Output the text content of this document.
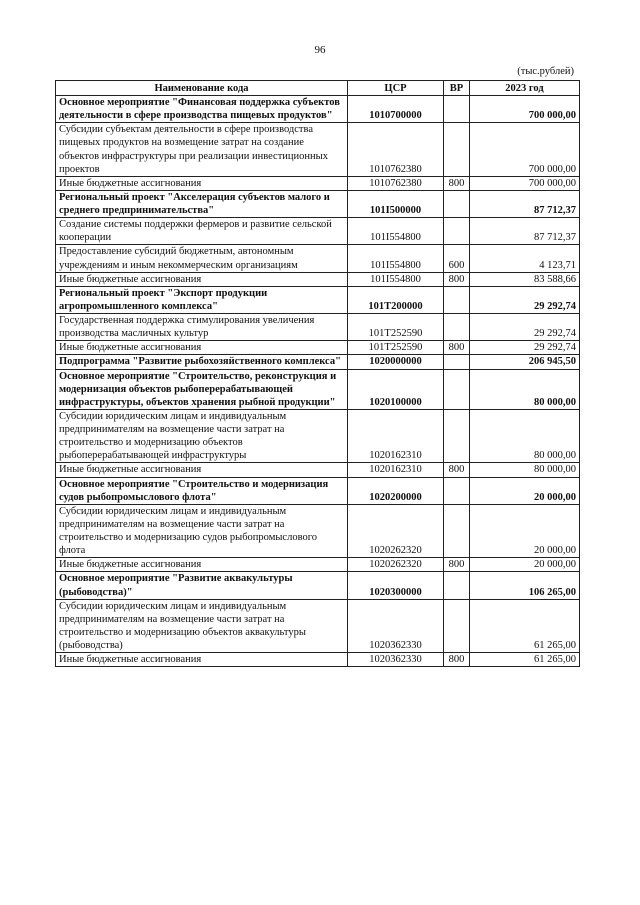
96
(тыс.рублей)
Наименование кода	ЦСР	ВР	2023 год
Основное мероприятие "Финансовая поддержка субъектов деятельности в сфере производства пищевых продуктов"	1010700000		700 000,00
Субсидии субъектам деятельности в сфере производства пищевых продуктов на возмещение затрат на создание объектов инфраструктуры при реализации инвестиционных проектов	1010762380		700 000,00
Иные бюджетные ассигнования	1010762380	800	700 000,00
Региональный проект "Акселерация субъектов малого и среднего предпринимательства"	101I500000		87 712,37
Создание системы поддержки фермеров и развитие сельской кооперации	101I554800		87 712,37
Предоставление субсидий бюджетным, автономным учреждениям и иным некоммерческим организациям	101I554800	600	4 123,71
Иные бюджетные ассигнования	101I554800	800	83 588,66
Региональный проект "Экспорт продукции агропромышленного комплекса"	101T200000		29 292,74
Государственная поддержка стимулирования увеличения производства масличных культур	101T252590		29 292,74
Иные бюджетные ассигнования	101T252590	800	29 292,74
Подпрограмма "Развитие рыбохозяйственного комплекса"	1020000000		206 945,50
Основное мероприятие "Строительство, реконструкция и модернизация объектов рыбоперерабатывающей инфраструктуры, объектов хранения рыбной продукции"	1020100000		80 000,00
Субсидии юридическим лицам и индивидуальным предпринимателям на возмещение части затрат на строительство и модернизацию объектов рыбоперерабатывающей инфраструктуры	1020162310		80 000,00
Иные бюджетные ассигнования	1020162310	800	80 000,00
Основное мероприятие "Строительство и модернизация судов рыбопромыслового флота"	1020200000		20 000,00
Субсидии юридическим лицам и индивидуальным предпринимателям на возмещение части затрат на строительство и модернизацию судов рыбопромыслового флота	1020262320		20 000,00
Иные бюджетные ассигнования	1020262320	800	20 000,00
Основное мероприятие "Развитие аквакультуры (рыбоводства)"	1020300000		106 265,00
Субсидии юридическим лицам и индивидуальным предпринимателям на возмещение части затрат на строительство и модернизацию объектов аквакультуры (рыбоводства)	1020362330		61 265,00
Иные бюджетные ассигнования	1020362330	800	61 265,00
